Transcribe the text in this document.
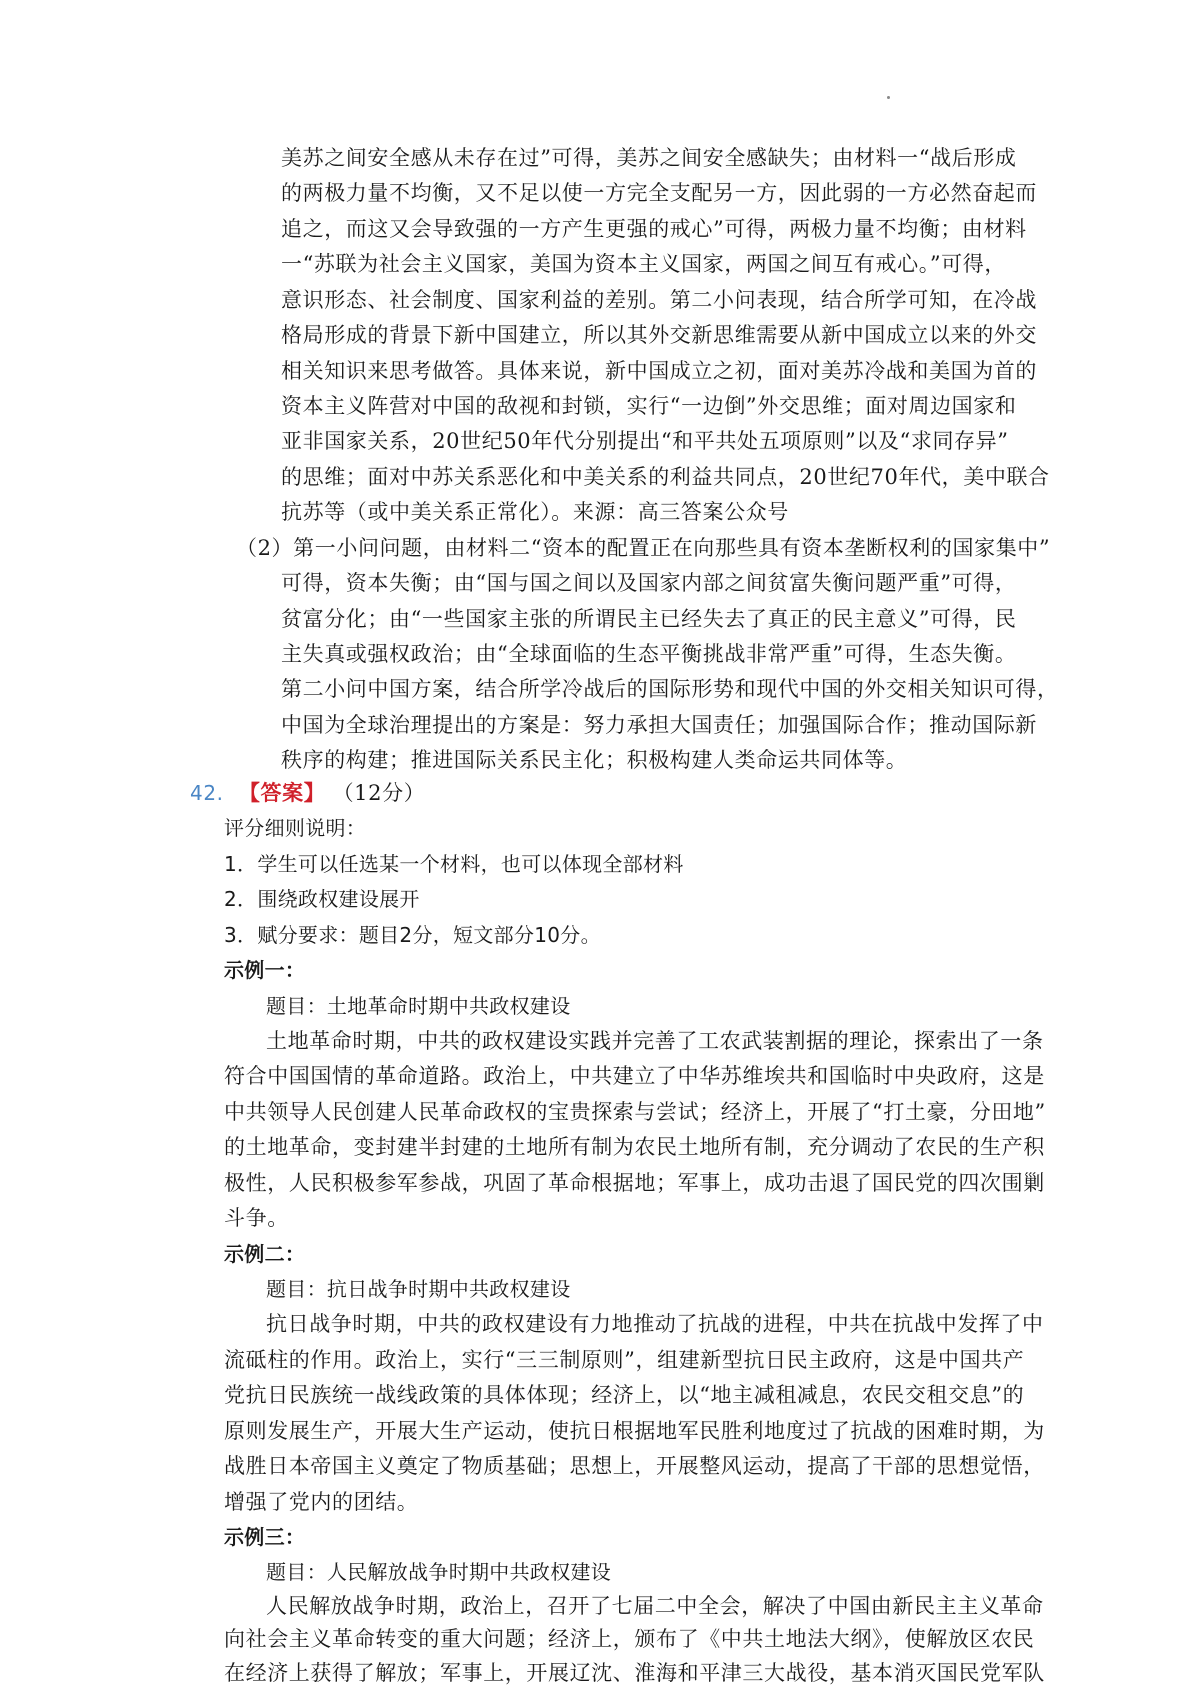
美苏之间安全感从未存在过”可得，美苏之间安全感缺失；由材料一“战后形成
的两极力量不均衡，又不足以使一方完全支配另一方，因此弱的一方必然奋起而
追之，而这又会导致强的一方产生更强的戒心”可得，两极力量不均衡；由材料
一“苏联为社会主义国家，美国为资本主义国家，两国之间互有戒心。”可得，
意识形态、社会制度、国家利益的差别。第二小问表现，结合所学可知，在冷战
格局形成的背景下新中国建立，所以其外交新思维需要从新中国成立以来的外交
相关知识来思考做答。具体来说，新中国成立之初，面对美苏冷战和美国为首的
资本主义阵营对中国的敌视和封锁，实行“一边倒”外交思维；面对周边国家和
亚非国家关系，20世纪50年代分别提出“和平共处五项原则”以及“求同存异”
的思维；面对中苏关系恶化和中美关系的利益共同点，20世纪70年代，美中联合
抗苏等（或中美关系正常化）。来源：高三答案公众号
（2）第一小问问题，由材料二“资本的配置正在向那些具有资本垄断权利的国家集中”
可得，资本失衡；由“国与国之间以及国家内部之间贫富失衡问题严重”可得，
贫富分化；由“一些国家主张的所谓民主已经失去了真正的民主意义”可得，民
主失真或强权政治；由“全球面临的生态平衡挑战非常严重”可得，生态失衡。
第二小问中国方案，结合所学冷战后的国际形势和现代中国的外交相关知识可得，
中国为全球治理提出的方案是：努力承担大国责任；加强国际合作；推动国际新
秩序的构建；推进国际关系民主化；积极构建人类命运共同体等。
42. 【答案】 （12分）
评分细则说明：
1．学生可以任选某一个材料，也可以体现全部材料
2．围绕政权建设展开
3．赋分要求：题目2分，短文部分10分。
示例一：
题目：土地革命时期中共政权建设
土地革命时期，中共的政权建设实践并完善了工农武装割据的理论，探索出了一条
符合中国国情的革命道路。政治上，中共建立了中华苏维埃共和国临时中央政府，这是
中共领导人民创建人民革命政权的宝贵探索与尝试；经济上，开展了“打土豪，分田地”
的土地革命，变封建半封建的土地所有制为农民土地所有制，充分调动了农民的生产积
极性，人民积极参军参战，巩固了革命根据地；军事上，成功击退了国民党的四次围剿
斗争。
示例二：
题目：抗日战争时期中共政权建设
抗日战争时期，中共的政权建设有力地推动了抗战的进程，中共在抗战中发挥了中
流砥柱的作用。政治上，实行“三三制原则”，组建新型抗日民主政府，这是中国共产
党抗日民族统一战线政策的具体体现；经济上，以“地主减租减息，农民交租交息”的
原则发展生产，开展大生产运动，使抗日根据地军民胜利地度过了抗战的困难时期，为
战胜日本帝国主义奠定了物质基础；思想上，开展整风运动，提高了干部的思想觉悟，
增强了党内的团结。
示例三：
题目：人民解放战争时期中共政权建设
人民解放战争时期，政治上，召开了七届二中全会，解决了中国由新民主主义革命
向社会主义革命转变的重大问题；经济上，颁布了《中共土地法大纲》，使解放区农民
在经济上获得了解放；军事上，开展辽沈、淮海和平津三大战役，基本消灭国民党军队
